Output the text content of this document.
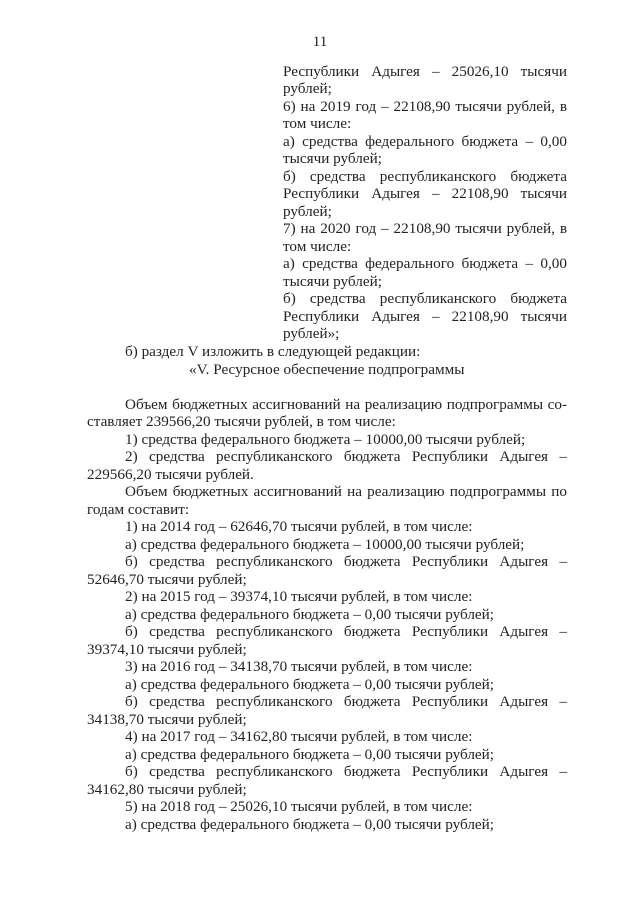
11
Республики Адыгея – 25026,10 тысячи
рублей;
6) на 2019 год – 22108,90 тысячи рублей, в
том числе:
а) средства федерального бюджета – 0,00
тысячи рублей;
б) средства республиканского бюджета
Республики Адыгея – 22108,90 тысячи
рублей;
7) на 2020 год – 22108,90 тысячи рублей, в
том числе:
а) средства федерального бюджета – 0,00
тысячи рублей;
б) средства республиканского бюджета
Республики Адыгея – 22108,90 тысячи
рублей»;
б) раздел V изложить в следующей редакции:
«V. Ресурсное обеспечение подпрограммы
Объем бюджетных ассигнований на реализацию подпрограммы со-
ставляет 239566,20 тысячи рублей, в том числе:
1) средства федерального бюджета – 10000,00 тысячи рублей;
2) средства республиканского бюджета Республики Адыгея –
229566,20 тысячи рублей.
Объем бюджетных ассигнований на реализацию подпрограммы по
годам составит:
1) на 2014 год – 62646,70 тысячи рублей, в том числе:
а) средства федерального бюджета – 10000,00 тысячи рублей;
б) средства республиканского бюджета Республики Адыгея –
52646,70 тысячи рублей;
2) на 2015 год – 39374,10 тысячи рублей, в том числе:
а) средства федерального бюджета – 0,00 тысячи рублей;
б) средства республиканского бюджета Республики Адыгея –
39374,10 тысячи рублей;
3) на 2016 год – 34138,70 тысячи рублей, в том числе:
а) средства федерального бюджета – 0,00 тысячи рублей;
б) средства республиканского бюджета Республики Адыгея –
34138,70 тысячи рублей;
4) на 2017 год – 34162,80 тысячи рублей, в том числе:
а) средства федерального бюджета – 0,00 тысячи рублей;
б) средства республиканского бюджета Республики Адыгея –
34162,80 тысячи рублей;
5) на 2018 год – 25026,10 тысячи рублей, в том числе:
а) средства федерального бюджета – 0,00 тысячи рублей;
